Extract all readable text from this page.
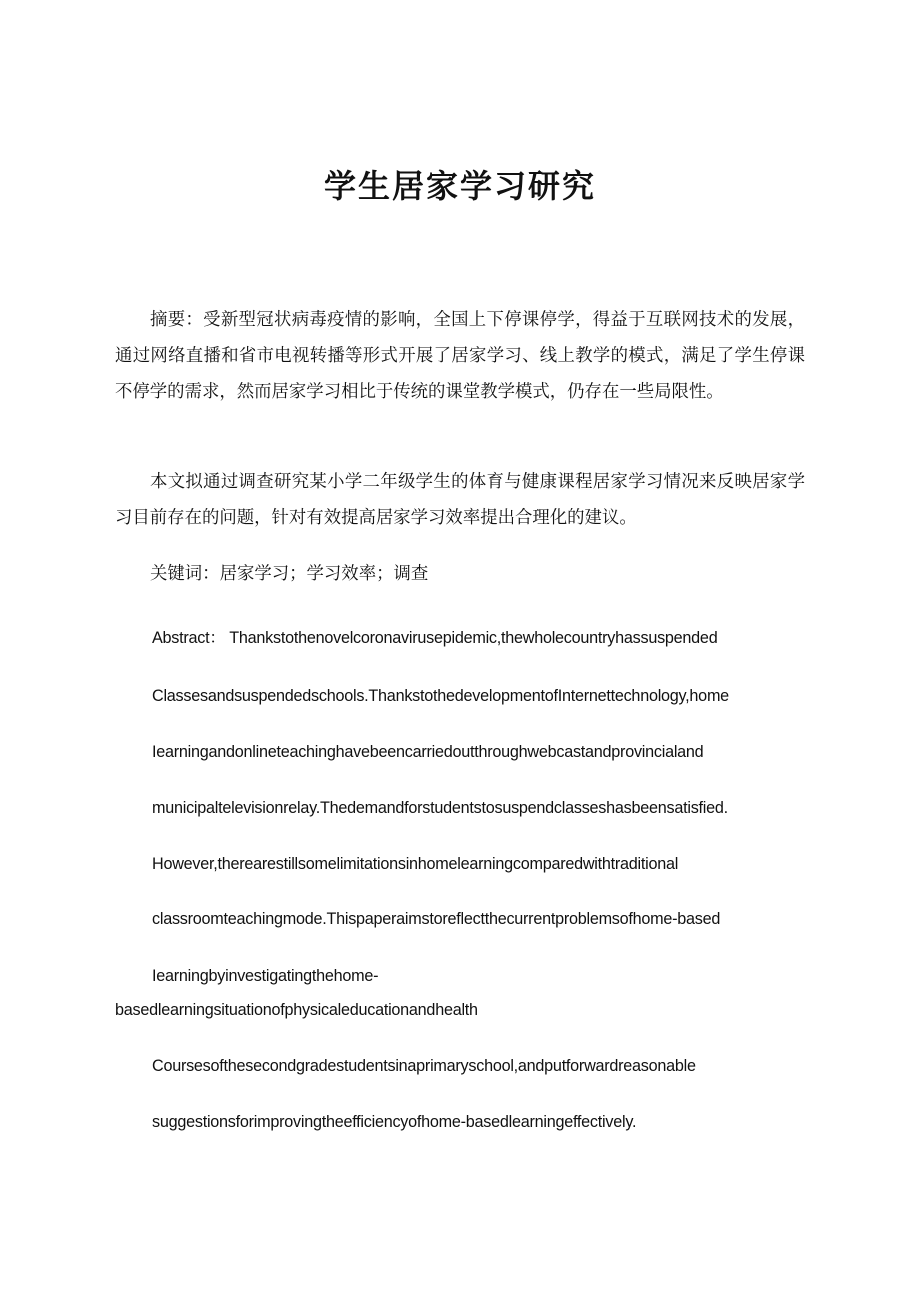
学生居家学习研究

摘要：受新型冠状病毒疫情的影响，全国上下停课停学，得益于互联网技术的发展，通过网络直播和省市电视转播等形式开展了居家学习、线上教学的模式，满足了学生停课不停学的需求，然而居家学习相比于传统的课堂教学模式，仍存在一些局限性。

本文拟通过调查研究某小学二年级学生的体育与健康课程居家学习情况来反映居家学习目前存在的问题，针对有效提高居家学习效率提出合理化的建议。

关键词：居家学习；学习效率；调查

Abstract： Thankstothenovelcoronavirusepidemic,thewholecountryhassuspended

Classesandsuspendedschools.ThankstothedevelopmentofInternettechnology,home

Iearningandonlineteachinghavebeencarriedoutthroughwebcastandprovincialand

municipaltelevisionrelay.Thedemandforstudentstosuspendclasseshasbeensatisfied.

However,therearestillsomelimitationsinhomelearningcomparedwithtraditional

classroomteachingmode.Thispaperaimstoreflectthecurrentproblemsofhome-based

Iearningbyinvestigatingthehome-

basedlearningsituationofphysicaleducationandhealth

Coursesofthesecondgradestudentsinaprimaryschool,andputforwardreasonable

suggestionsforimprovingtheefficiencyofhome-basedlearningeffectively.
